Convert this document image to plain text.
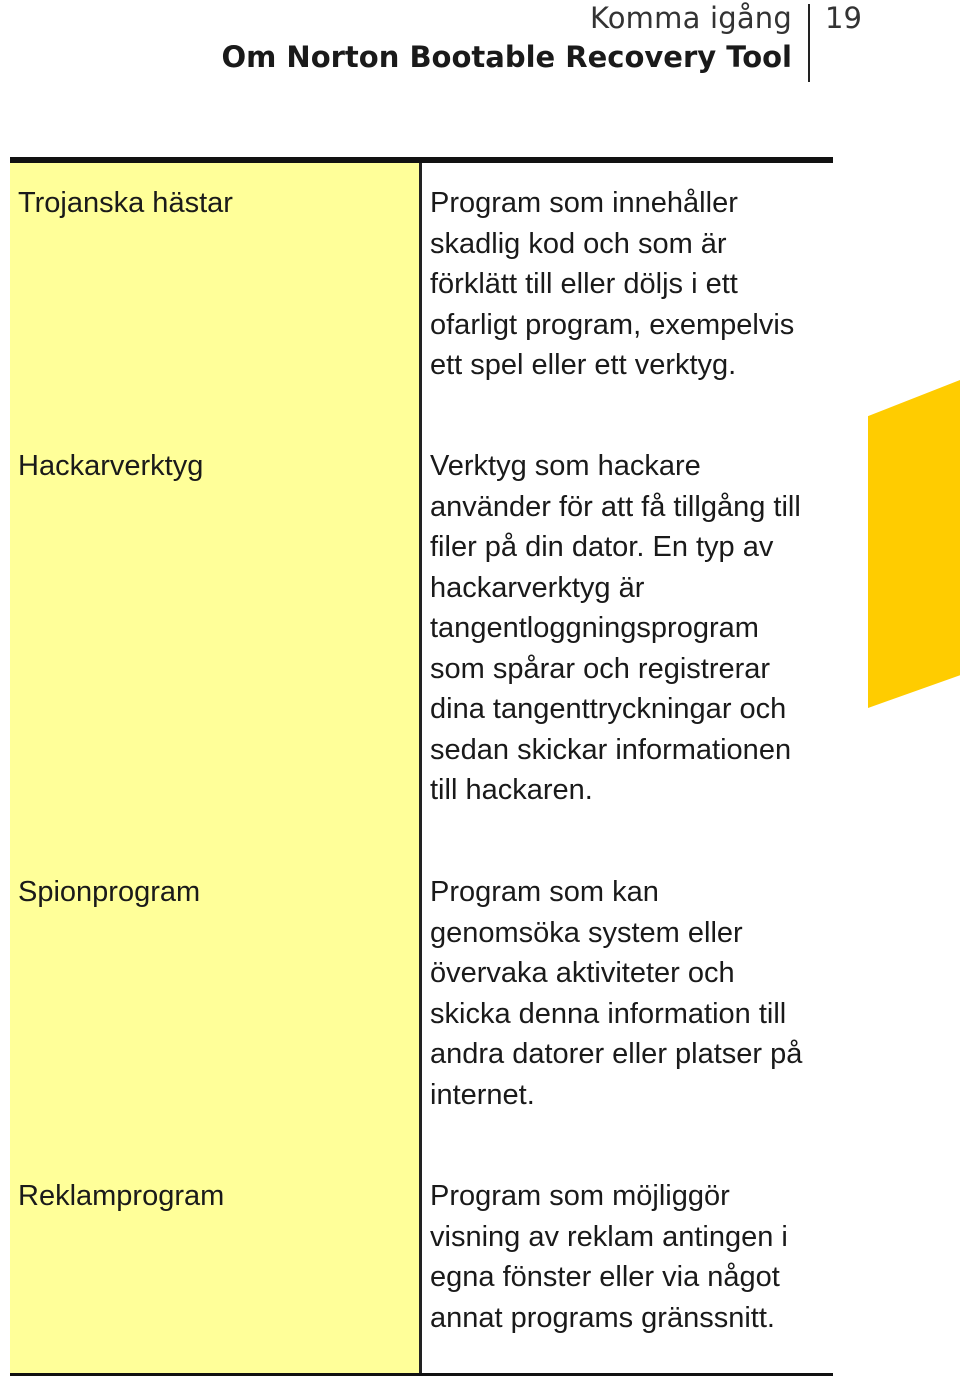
Komma igång
Om Norton Bootable Recovery Tool
19
Trojanska hästar	Program som innehåller
skadlig kod och som är
förklätt till eller döljs i ett
ofarligt program, exempelvis
ett spel eller ett verktyg.
Hackarverktyg	Verktyg som hackare
använder för att få tillgång till
filer på din dator. En typ av
hackarverktyg är
tangentloggningsprogram
som spårar och registrerar
dina tangenttryckningar och
sedan skickar informationen
till hackaren.
Spionprogram	Program som kan
genomsöka system eller
övervaka aktiviteter och
skicka denna information till
andra datorer eller platser på
internet.
Reklamprogram	Program som möjliggör
visning av reklam antingen i
egna fönster eller via något
annat programs gränssnitt.
